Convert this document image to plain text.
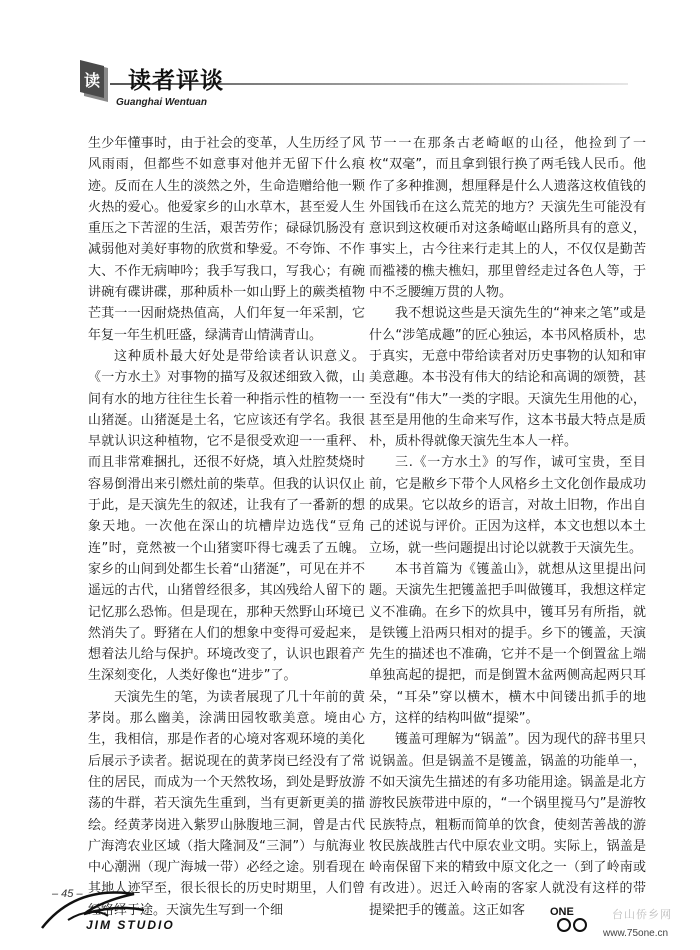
读 读者评谈
Guanghai Wentuan

生少年懂事时，由于社会的变革，人生历经了风风雨雨，但都些不如意事对他并无留下什么痕迹。反而在人生的淡然之外，生命造赠给他一颗火热的爱心。他爱家乡的山水草木，甚至爱人生重压之下苦涩的生活，艰苦劳作；碌碌饥肠没有减弱他对美好事物的欣赏和挚爱。不夸饰、不作大、不作无病呻吟；我手写我口，写我心；有碗讲碗有碟讲碟，那种质朴一如山野上的蕨类植物芒萁一一因耐烧热值高，人们年复一年采割，它年复一年生机旺盛，绿满青山情满青山。

这种质朴最大好处是带给读者认识意义。《一方水土》对事物的描写及叙述细致入微，山间有水的地方往往生长着一种指示性的植物一一山猪涎。山猪涎是土名，它应该还有学名。我很早就认识这种植物，它不是很受欢迎一一重秤、而且非常难捆扎，还很不好烧，填入灶腔焚烧时容易倒滑出来引燃灶前的柴草。但我的认识仅止于此，是天演先生的叙述，让我有了一番新的想象天地。一次他在深山的坑槽岸边选伐“豆角连”时，竟然被一个山猪窦吓得七魂丢了五魄。家乡的山间到处都生长着“山猪涎”，可见在并不遥远的古代，山猪曾经很多，其凶残给人留下的记忆那么恐怖。但是现在，那种天然野山环境已然消失了。野猪在人们的想象中变得可爱起来，想着法儿给与保护。环境改变了，认识也跟着产生深刻变化，人类好像也“进步”了。

天演先生的笔，为读者展现了几十年前的黄茅岗。那么幽美，涂满田园牧歌美意。境由心生，我相信，那是作者的心境对客观环境的美化后展示予读者。据说现在的黄茅岗已经没有了常住的居民，而成为一个天然牧场，到处是野放游荡的牛群，若天演先生重到，当有更新更美的描绘。经黄茅岗进入紫罗山脉腹地三洞，曾是古代广海湾农业区域（指大隆洞及“三洞”）与航海业中心潮洲（现广海城一带）必经之途。别看现在其地人迹罕至，很长很长的历史时期里，人们曾经络绎于途。天演先生写到一个细

节一一在那条古老崎岖的山径，他捡到了一枚“双毫”，而且拿到银行换了两毛钱人民币。他作了多种推测，想厘释是什么人遗落这枚值钱的外国钱币在这么荒芜的地方？天演先生可能没有意识到这枚硬币对这条崎岖山路所具有的意义，事实上，古今往来行走其上的人，不仅仅是勤苦而褴褛的樵夫樵妇，那里曾经走过各色人等，于中不乏腰缠万贯的人物。

我不想说这些是天演先生的“神来之笔”或是什么“涉笔成趣”的匠心独运，本书风格质朴，忠于真实，无意中带给读者对历史事物的认知和审美意趣。本书没有伟大的结论和高调的颂赞，甚至没有“伟大”一类的字眼。天演先生用他的心，甚至是用他的生命来写作，这本书最大特点是质朴，质朴得就像天演先生本人一样。

三.《一方水土》的写作，诚可宝贵，至目前，它是敝乡下带个人风格乡土文化创作最成功的成果。它以故乡的语言，对故土旧物，作出自己的述说与评价。正因为这样，本文也想以本土立场，就一些问题提出讨论以就教于天演先生。

本书首篇为《镬盖山》，就想从这里提出问题。天演先生把镬盖把手叫做镬耳，我想这样定义不准确。在乡下的炊具中，镬耳另有所指，就是铁镬上沿两只相对的提手。乡下的镬盖，天演先生的描述也不准确，它并不是一个倒置盆上端单独高起的提把，而是倒置木盆两侧高起两只耳朵，“耳朵”穿以横木，横木中间镂出抓手的地方，这样的结构叫做“提梁”。

镬盖可理解为“锅盖”。因为现代的辞书里只说锅盖。但是锅盖不是镬盖，锅盖的功能单一，不如天演先生描述的有多功能用途。锅盖是北方游牧民族带进中原的，“一个锅里搅马勺”是游牧民族特点，粗粝而简单的饮食，使刻苦善战的游牧民族战胜古代中原农业文明。实际上，锅盖是岭南保留下来的精致中原文化之一（到了岭南或有改进）。迟迁入岭南的客家人就没有这样的带提梁把手的镬盖。这正如客

– 45 –
JIM STUDIO
ONE	台山侨乡网
www.75one.cn
